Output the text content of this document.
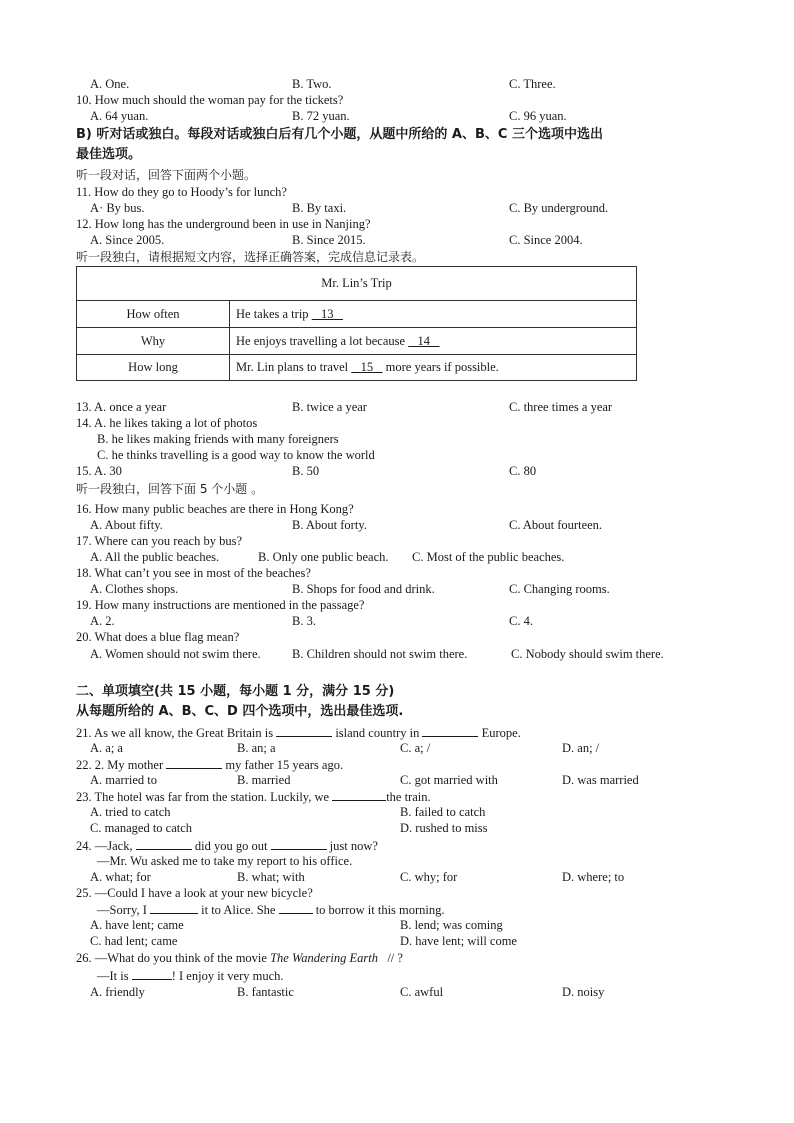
A. One.	B. Two.	C. Three.
10. How much should the woman pay for the tickets?
A. 64 yuan.	B. 72 yuan.	C. 96 yuan.
B) 听对话或独白。每段对话或独白后有几个小题，从题中所给的 A、B、C 三个选项中选出
最佳选项。
听一段对话，回答下面两个小题。
11. How do they go to Hoody’s for lunch?
A· By bus.	B. By taxi.	C. By underground.
12. How long has the underground been in use in Nanjing?
A. Since 2005.	B. Since 2015.	C. Since 2004.
听一段独白，请根据短文内容，选择正确答案，完成信息记录表。
Mr. Lin’s Trip	
How often	He takes a trip 13
Why	He enjoys travelling a lot because 14
How long	Mr. Lin plans to travel 15 more years if possible.
13. A. once a year	B. twice a year	C. three times a year
14. A. he likes taking a lot of photos
B. he likes making friends with many foreigners
C. he thinks travelling is a good way to know the world
15. A. 30	B. 50	C. 80
听一段独白，回答下面 5 个小题 。
16. How many public beaches are there in Hong Kong?
A. About fifty.	B. About forty.	C. About fourteen.
17. Where can you reach by bus?
A. All the public beaches.	B. Only one public beach. C. Most of the public beaches.
18. What can’t you see in most of the beaches?
A. Clothes shops.	B. Shops for food and drink.	C. Changing rooms.
19. How many instructions are mentioned in the passage?
A. 2.	B. 3.	C. 4.
20. What does a blue flag mean?
A. Women should not swim there.	B. Children should not swim there.	C. Nobody should swim there.
二、单项填空(共 15 小题，每小题 1 分，满分 15 分)
从每题所给的 A、B、C、D 四个选项中，选出最佳选项.
21. As we all know, the Great Britain is	island country in	Europe.
A. a; a	B. an; a	C. a; /	D. an; /
22. 2. My mother	my father 15 years ago.
A. married to	B. married	C. got married with	D. was married
23. The hotel was far from the station. Luckily, we	the train.
A. tried to catch	B. failed to catch
C. managed to catch	D. rushed to miss
24. —Jack,	did you go out	just now?
—Mr. Wu asked me to take my report to his office.
A. what; for	B. what; with	C. why; for	D. where; to
25. —Could I have a look at your new bicycle?
—Sorry, I	it to Alice. She	to borrow it this morning.
A. have lent; came	B. lend; was coming
C. had lent; came	D. have lent; will come
26. —What do you think of the movie The Wandering Earth // ?
—It is	! I enjoy it very much.
A. friendly	B. fantastic	C. awful	D. noisy
